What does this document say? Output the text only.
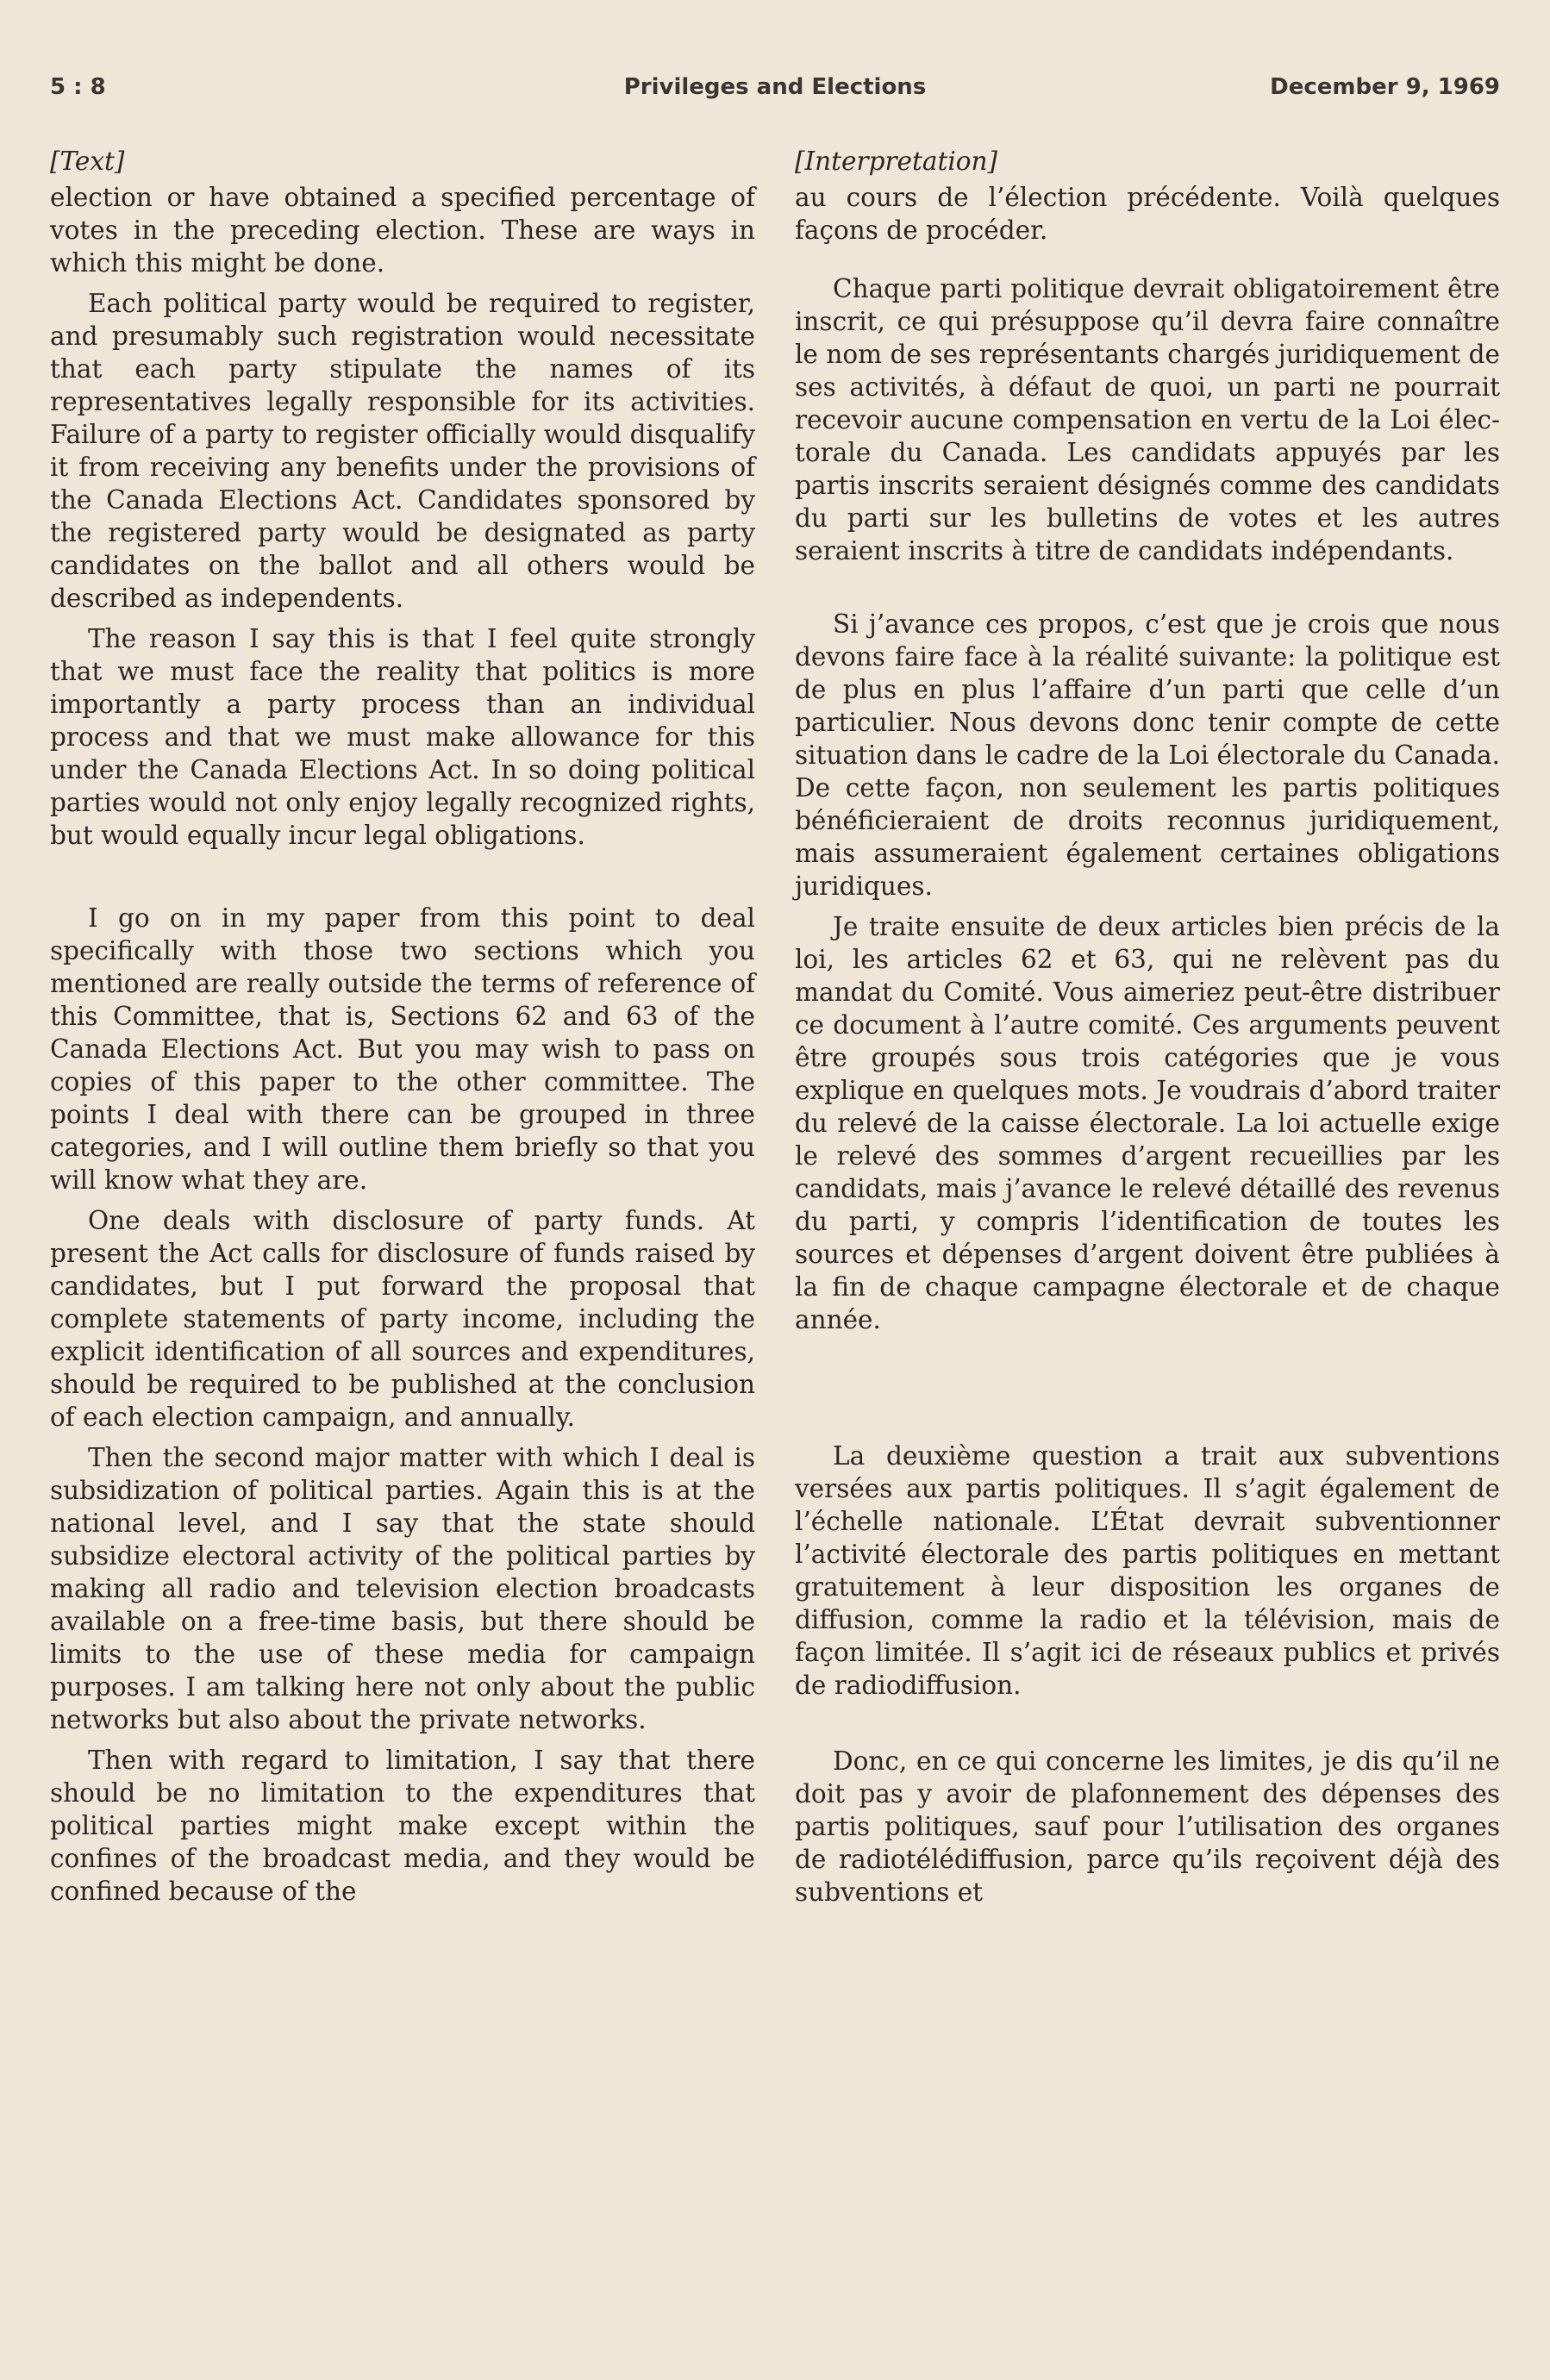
5 : 8	Privileges and Elections	December 9, 1969
[Text]

election or have obtained a specified percentage of votes in the preceding election. These are ways in which this might be done.

Each political party would be required to register, and presumably such registration would necessitate that each party stipulate the names of its representatives legally responsible for its activities. Failure of a party to register officially would disqualify it from receiving any benefits under the provisions of the Canada Elections Act. Candidates sponsored by the registered party would be designated as party candidates on the ballot and all others would be described as independents.

The reason I say this is that I feel quite strongly that we must face the reality that politics is more importantly a party process than an individual process and that we must make allowance for this under the Canada Elections Act. In so doing political parties would not only enjoy legally recognized rights, but would equally incur legal obligations.

I go on in my paper from this point to deal specifically with those two sections which you mentioned are really outside the terms of reference of this Committee, that is, Sections 62 and 63 of the Canada Elections Act. But you may wish to pass on copies of this paper to the other committee. The points I deal with there can be grouped in three categories, and I will outline them briefly so that you will know what they are.

One deals with disclosure of party funds. At present the Act calls for disclosure of funds raised by candidates, but I put forward the proposal that complete statements of party income, including the explicit identification of all sources and expenditures, should be required to be published at the conclusion of each election campaign, and annually.

Then the second major matter with which I deal is subsidization of political parties. Again this is at the national level, and I say that the state should subsidize electoral activity of the political parties by making all radio and television election broadcasts available on a free-time basis, but there should be limits to the use of these media for campaign purposes. I am talking here not only about the public networks but also about the private networks.

Then with regard to limitation, I say that there should be no limitation to the expenditures that political parties might make except within the confines of the broadcast media, and they would be confined because of the

[Interpretation]

au cours de l’élection précédente. Voilà quelques façons de procéder.

Chaque parti politique devrait obligatoirement être inscrit, ce qui présuppose qu’il devra faire connaître le nom de ses représentants chargés juridiquement de ses activités, à défaut de quoi, un parti ne pourrait recevoir aucune compensation en vertu de la Loi électorale du Canada. Les candidats appuyés par les partis inscrits seraient désignés comme des candidats du parti sur les bulletins de votes et les autres seraient inscrits à titre de candidats indépendants.

Si j’avance ces propos, c’est que je crois que nous devons faire face à la réalité suivante: la politique est de plus en plus l’affaire d’un parti que celle d’un particulier. Nous devons donc tenir compte de cette situation dans le cadre de la Loi électorale du Canada. De cette façon, non seulement les partis politiques bénéficieraient de droits reconnus juridiquement, mais assumeraient également certaines obligations juridiques.

Je traite ensuite de deux articles bien précis de la loi, les articles 62 et 63, qui ne relèvent pas du mandat du Comité. Vous aimeriez peut-être distribuer ce document à l’autre comité. Ces arguments peuvent être groupés sous trois catégories que je vous explique en quelques mots. Je voudrais d’abord traiter du relevé de la caisse électorale. La loi actuelle exige le relevé des sommes d’argent recueillies par les candidats, mais j’avance le relevé détaillé des revenus du parti, y compris l’identification de toutes les sources et dépenses d’argent doivent être publiées à la fin de chaque campagne électorale et de chaque année.

La deuxième question a trait aux subventions versées aux partis politiques. Il s’agit également de l’échelle nationale. L’État devrait subventionner l’activité électorale des partis politiques en mettant gratuitement à leur disposition les organes de diffusion, comme la radio et la télévision, mais de façon limitée. Il s’agit ici de réseaux publics et privés de radiodiffusion.

Donc, en ce qui concerne les limites, je dis qu’il ne doit pas y avoir de plafonnement des dépenses des partis politiques, sauf pour l’utilisation des organes de radiotélédiffusion, parce qu’ils reçoivent déjà des subventions et
